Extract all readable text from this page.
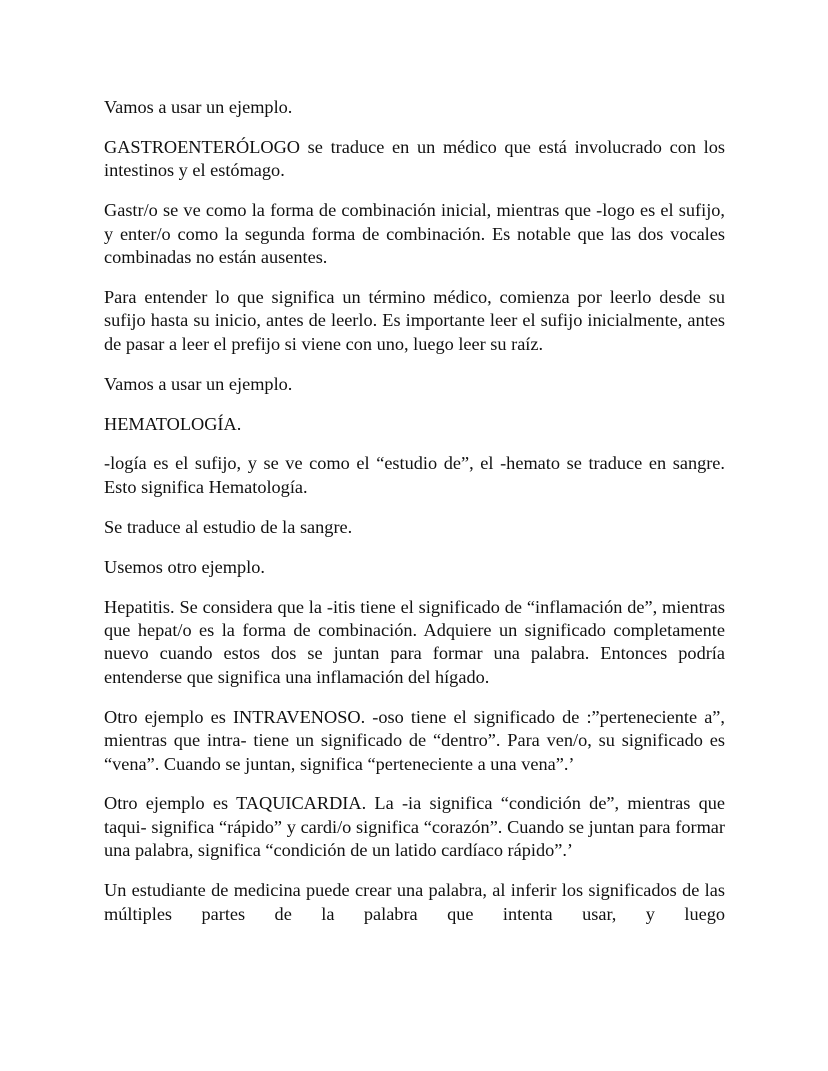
Vamos a usar un ejemplo.

GASTROENTERÓLOGO se traduce en un médico que está involucrado con los intestinos y el estómago.

Gastr/o se ve como la forma de combinación inicial, mientras que -logo es el sufijo, y enter/o como la segunda forma de combinación. Es notable que las dos vocales combinadas no están ausentes.

Para entender lo que significa un término médico, comienza por leerlo desde su sufijo hasta su inicio, antes de leerlo. Es importante leer el sufijo inicialmente, antes de pasar a leer el prefijo si viene con uno, luego leer su raíz.

Vamos a usar un ejemplo.

HEMATOLOGÍA.

-logía es el sufijo, y se ve como el “estudio de”, el -hemato se traduce en sangre. Esto significa Hematología.

Se traduce al estudio de la sangre.

Usemos otro ejemplo.

Hepatitis. Se considera que la -itis tiene el significado de “inflamación de”, mientras que hepat/o es la forma de combinación. Adquiere un significado completamente nuevo cuando estos dos se juntan para formar una palabra. Entonces podría entenderse que significa una inflamación del hígado.

Otro ejemplo es INTRAVENOSO. -oso tiene el significado de :”perteneciente a”, mientras que intra- tiene un significado de “dentro”. Para ven/o, su significado es “vena”. Cuando se juntan, significa “perteneciente a una vena”.’

Otro ejemplo es TAQUICARDIA. La -ia significa “condición de”, mientras que taqui- significa “rápido” y cardi/o significa “corazón”. Cuando se juntan para formar una palabra, significa “condición de un latido cardíaco rápido”.’

Un estudiante de medicina puede crear una palabra, al inferir los significados de las múltiples partes de la palabra que intenta usar, y luego
